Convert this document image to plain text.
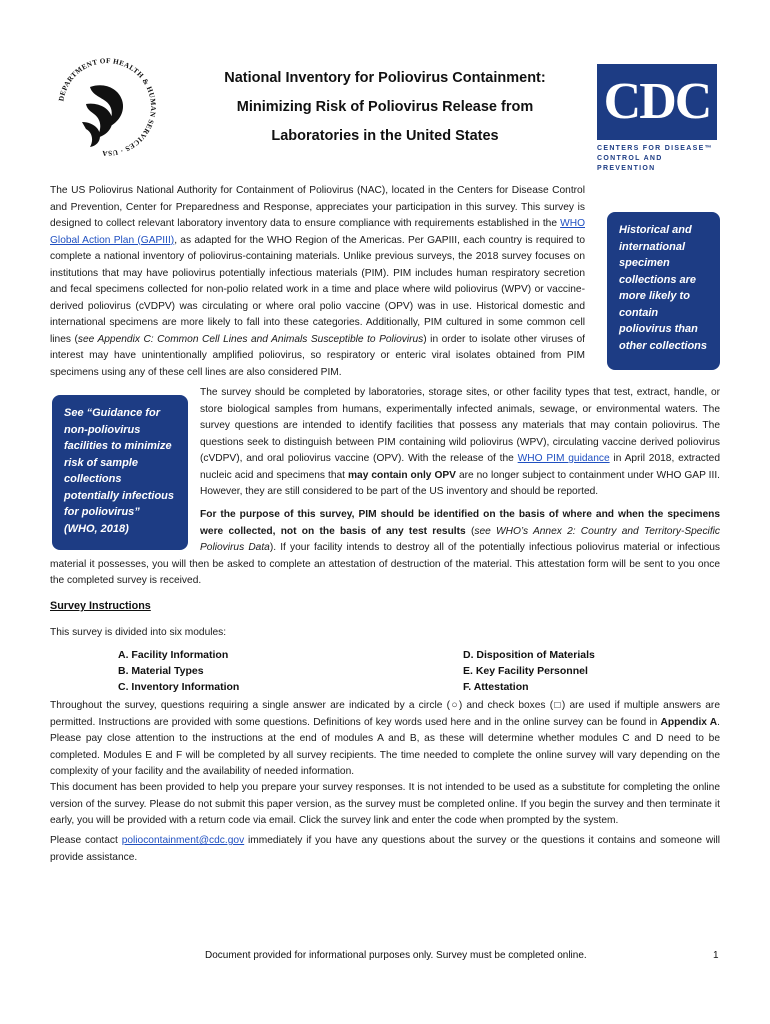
DEPARTMENT OF HEALTH & HUMAN SERVICES · USA
National Inventory for Poliovirus Containment:
Minimizing Risk of Poliovirus Release from
Laboratories in the United States
CDC
CENTERS FOR DISEASE™
CONTROL AND PREVENTION
The US Poliovirus National Authority for Containment of Poliovirus (NAC), located in the Centers for Disease Control and Prevention, Center for Preparedness and Response, appreciates your participation in this survey. This survey is designed to collect relevant laboratory inventory data to ensure compliance with requirements established in the WHO Global Action Plan (GAPIII), as adapted for the WHO Region of the Americas. Per GAPIII, each country is required to complete a national inventory of poliovirus-containing materials. Unlike previous surveys, the 2018 survey focuses on institutions that may have poliovirus potentially infectious materials (PIM). PIM includes human respiratory secretion and fecal specimens collected for non-polio related work in a time and place where wild poliovirus (WPV) or vaccine-derived poliovirus (cVDPV) was circulating or where oral polio vaccine (OPV) was in use. Historical domestic and international specimens are more likely to fall into these categories. Additionally, PIM cultured in some common cell lines (see Appendix C: Common Cell Lines and Animals Susceptible to Poliovirus) in order to isolate other viruses of interest may have unintentionally amplified poliovirus, so respiratory or enteric viral isolates obtained from PIM specimens using any of these cell lines are also considered PIM.
Historical and international specimen collections are more likely to contain poliovirus than other collections
See “Guidance for non-poliovirus facilities to minimize risk of sample collections potentially infectious for poliovirus” (WHO, 2018)
The survey should be completed by laboratories, storage sites, or other facility types that test, extract, handle, or store biological samples from humans, experimentally infected animals, sewage, or environmental waters. The survey questions are intended to identify facilities that possess any materials that may contain poliovirus. The questions seek to distinguish between PIM containing wild poliovirus (WPV), circulating vaccine derived poliovirus (cVDPV), and oral poliovirus vaccine (OPV). With the release of the WHO PIM guidance in April 2018, extracted nucleic acid and specimens that may contain only OPV are no longer subject to containment under WHO GAP III. However, they are still considered to be part of the US inventory and should be reported.
For the purpose of this survey, PIM should be identified on the basis of where and when the specimens were collected, not on the basis of any test results (see WHO’s Annex 2: Country and Territory-Specific Poliovirus Data). If your facility intends to destroy all of the potentially infectious poliovirus material or infectious material it possesses, you will then be asked to complete an attestation of destruction of the material. This attestation form will be sent to you once the completed survey is received.
Survey Instructions
This survey is divided into six modules:
A. Facility Information
B. Material Types
C. Inventory Information
D. Disposition of Materials
E. Key Facility Personnel
F. Attestation
Throughout the survey, questions requiring a single answer are indicated by a circle (○) and check boxes (□) are used if multiple answers are permitted. Instructions are provided with some questions. Definitions of key words used here and in the online survey can be found in Appendix A. Please pay close attention to the instructions at the end of modules A and B, as these will determine whether modules C and D need to be completed. Modules E and F will be completed by all survey recipients. The time needed to complete the online survey will vary depending on the complexity of your facility and the availability of needed information.
This document has been provided to help you prepare your survey responses. It is not intended to be used as a substitute for completing the online version of the survey. Please do not submit this paper version, as the survey must be completed online. If you begin the survey and then terminate it early, you will be provided with a return code via email. Click the survey link and enter the code when prompted by the system.
Please contact poliocontainment@cdc.gov immediately if you have any questions about the survey or the questions it contains and someone will provide assistance.
Document provided for informational purposes only. Survey must be completed online.	1
